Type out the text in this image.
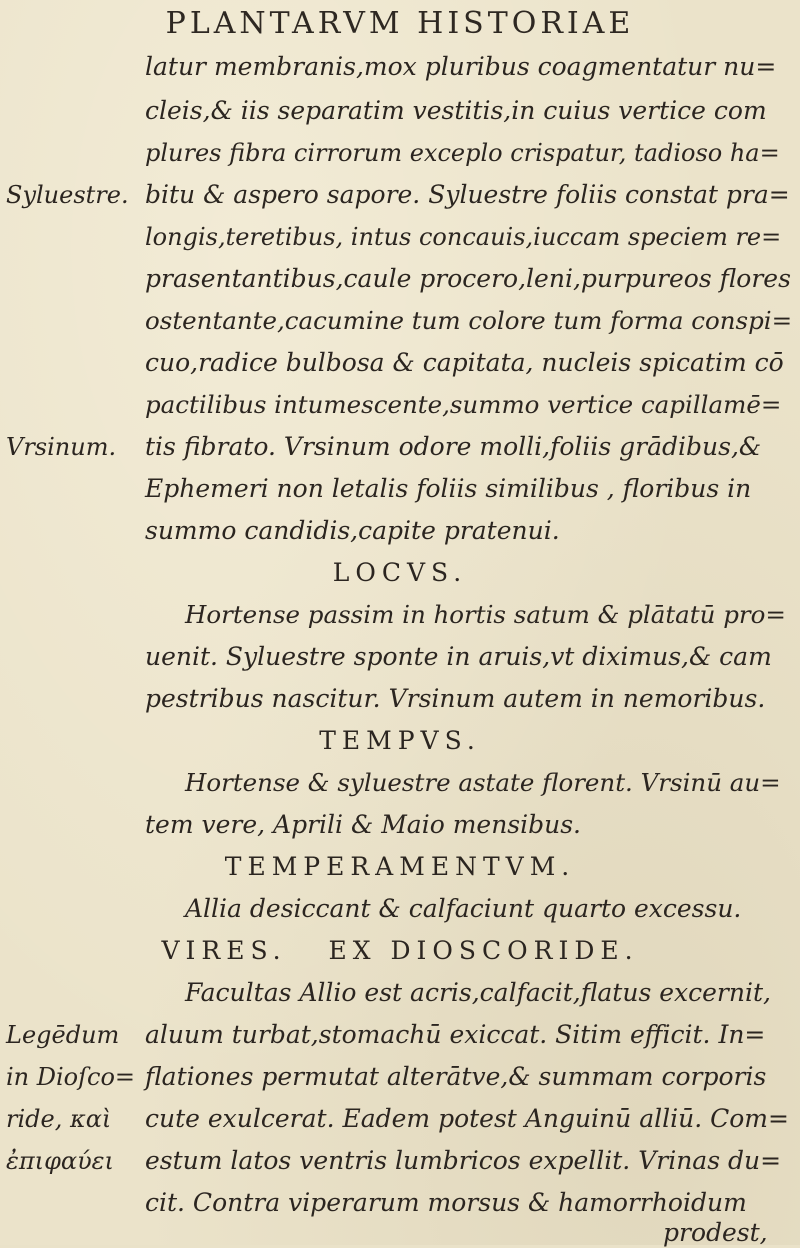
PLANTARVM HISTORIAE
latur membranis,mox pluribus coagmentatur nu=
cleis,& iis separatim vestitis,in cuius vertice com
plures fibra cirrorum exceplo crispatur, tadioso ha=
bitu & aspero sapore. Syluestre foliis constat pra=
longis,teretibus, intus concauis,iuccam speciem re=
prasentantibus,caule procero,leni,purpureos flores
ostentante,cacumine tum colore tum forma conspi=
cuo,radice bulbosa & capitata, nucleis spicatim cō
pactilibus intumescente,summo vertice capillamē=
tis fibrato. Vrsinum odore molli,foliis grādibus,&
Ephemeri non letalis foliis similibus , floribus in
summo candidis,capite pratenui.
LOCVS.
Hortense passim in hortis satum & plātatū pro=
uenit. Syluestre sponte in aruis,vt diximus,& cam
pestribus nascitur. Vrsinum autem in nemoribus.
TEMPVS.
Hortense & syluestre astate florent. Vrsinū au=
tem vere, Aprili & Maio mensibus.
TEMPERAMENTVM.
Allia desiccant & calfaciunt quarto excessu.
VIRES.   EX DIOSCORIDE.
Facultas Allio est acris,calfacit,flatus excernit,
aluum turbat,stomachū exiccat. Sitim efficit. In=
flationes permutat alterātve,& summam corporis
cute exulcerat. Eadem potest Anguinū alliū. Com=
estum latos ventris lumbricos expellit. Vrinas du=
cit. Contra viperarum morsus & hamorrhoidum
prodest,
Syluestre.
Vrsinum.
Legēdum
in Dioſco=
ride, καὶ
ἐπιφαύει
